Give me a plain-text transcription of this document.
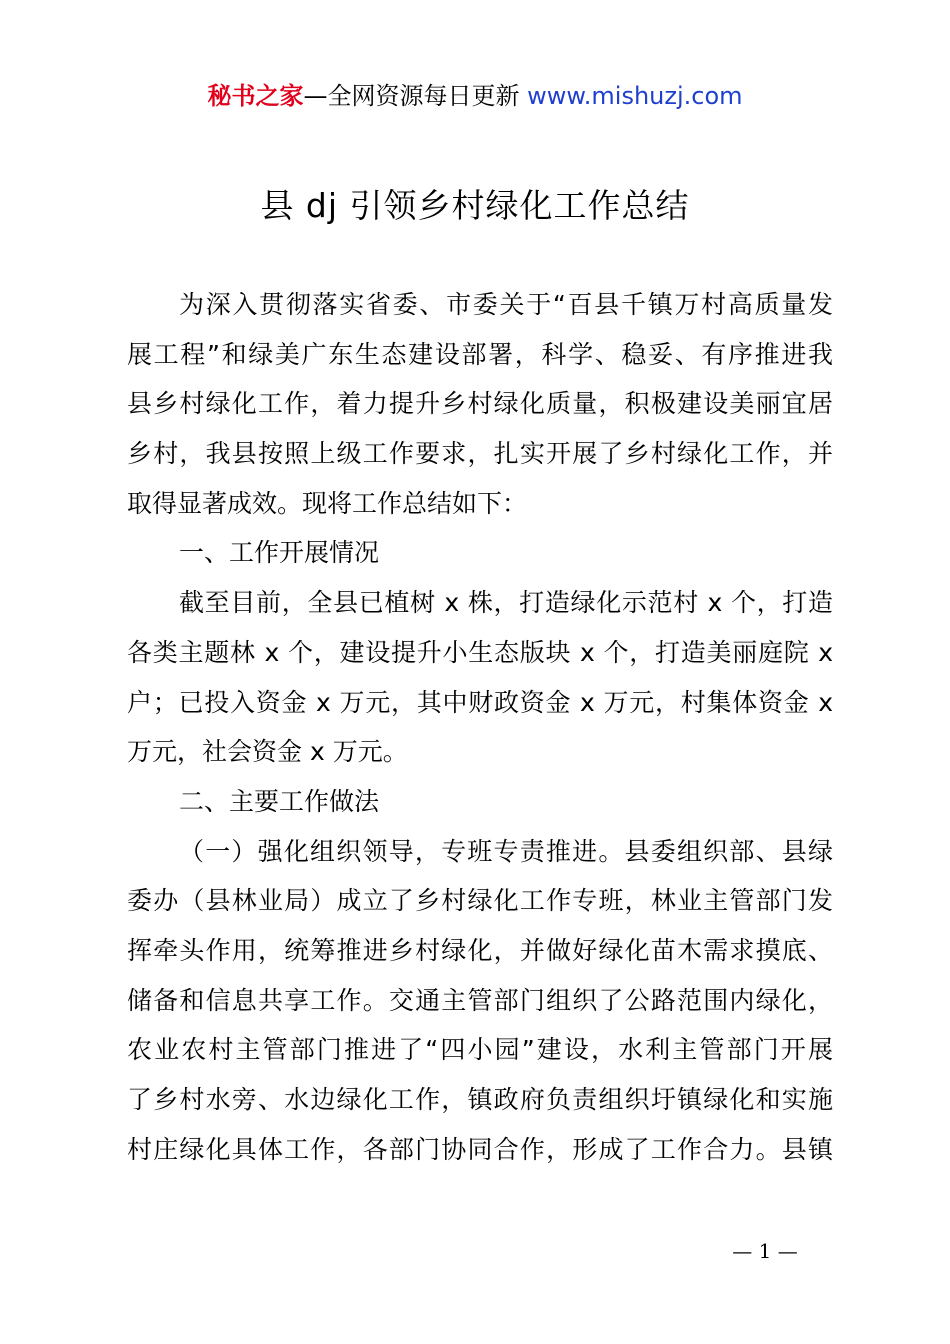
秘书之家—全网资源每日更新 www.mishuzj.com
县 dj 引领乡村绿化工作总结
为深入贯彻落实省委、市委关于“百县千镇万村高质量发
展工程”和绿美广东生态建设部署，科学、稳妥、有序推进我
县乡村绿化工作，着力提升乡村绿化质量，积极建设美丽宜居
乡村，我县按照上级工作要求，扎实开展了乡村绿化工作，并
取得显著成效。现将工作总结如下：
一、工作开展情况
截至目前，全县已植树 x 株，打造绿化示范村 x 个，打造
各类主题林 x 个，建设提升小生态版块 x 个，打造美丽庭院 x
户；已投入资金 x 万元，其中财政资金 x 万元，村集体资金 x
万元，社会资金 x 万元。
二、主要工作做法
（一）强化组织领导，专班专责推进。县委组织部、县绿
委办（县林业局）成立了乡村绿化工作专班，林业主管部门发
挥牵头作用，统筹推进乡村绿化，并做好绿化苗木需求摸底、
储备和信息共享工作。交通主管部门组织了公路范围内绿化，
农业农村主管部门推进了“四小园”建设，水利主管部门开展
了乡村水旁、水边绿化工作，镇政府负责组织圩镇绿化和实施
村庄绿化具体工作，各部门协同合作，形成了工作合力。县镇
— 1 —
